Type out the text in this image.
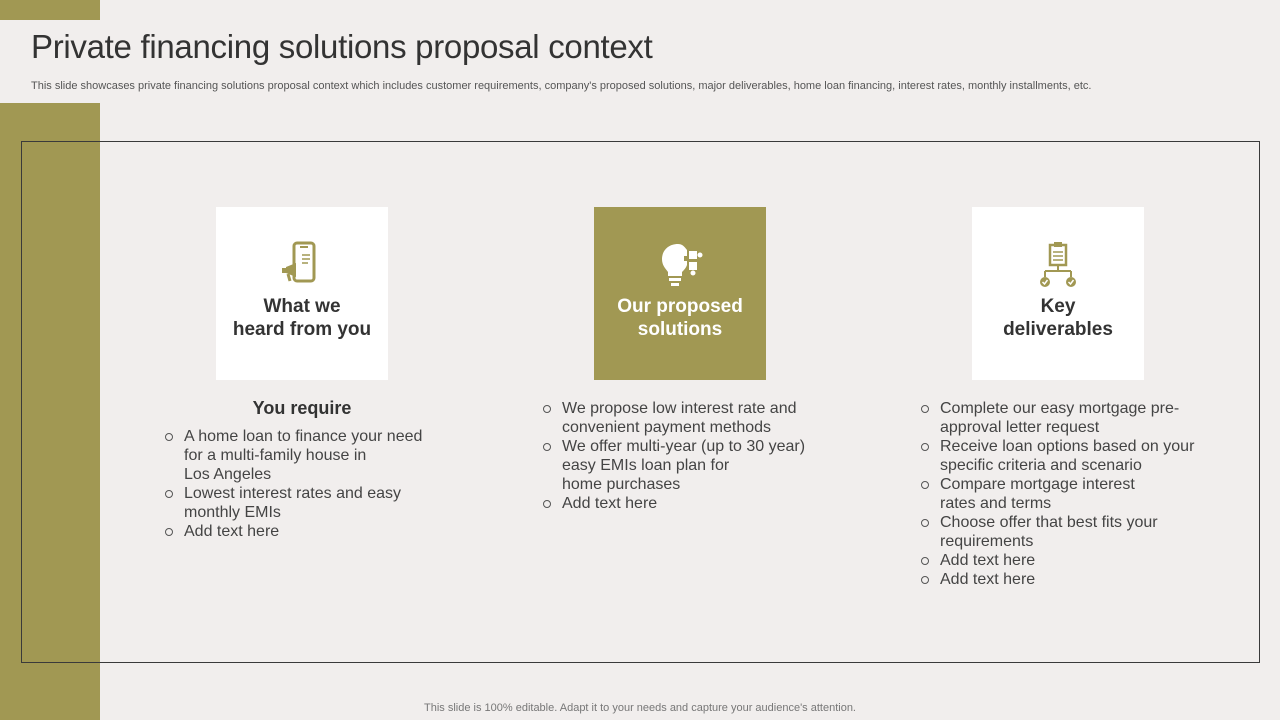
Private financing solutions proposal context

This slide showcases private financing solutions proposal context which includes customer requirements, company's proposed solutions, major deliverables, home loan financing, interest rates, monthly installments, etc.

What we
heard from you
Our proposed
solutions
Key
deliverables
You require
A home loan to finance your need
for a multi-family house in
Los Angeles
Lowest interest rates and easy
monthly EMIs
Add text here
We propose low interest rate and
convenient payment methods
We offer multi-year (up to 30 year)
easy EMIs loan plan for
home purchases
Add text here
Complete our easy mortgage pre-
approval letter request
Receive loan options based on your
specific criteria and scenario
Compare mortgage interest
rates and terms
Choose offer that best fits your
requirements
Add text here
Add text here
This slide is 100% editable. Adapt it to your needs and capture your audience's attention.
